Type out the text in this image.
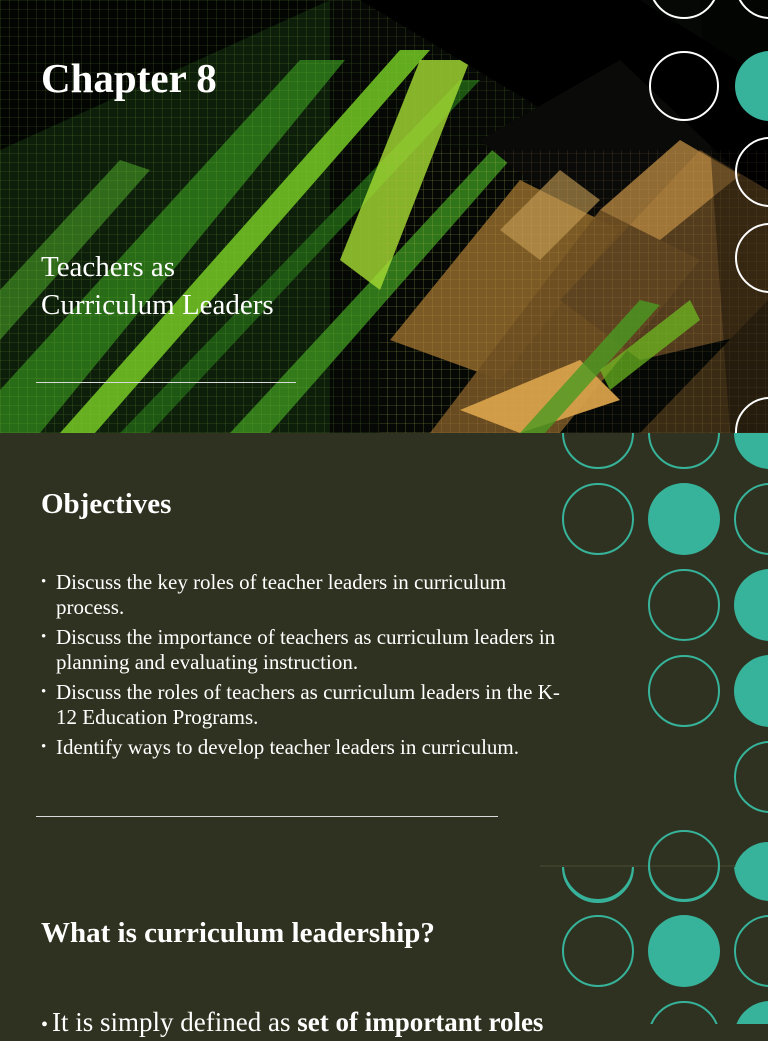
Chapter 8
Teachers as Curriculum Leaders
Objectives
• Discuss the key roles of teacher leaders in curriculum process.
• Discuss the importance of teachers as curriculum leaders in planning and evaluating instruction.
• Discuss the roles of teachers as curriculum leaders in the K-12 Education Programs.
• Identify ways to develop teacher leaders in curriculum.
What is curriculum leadership?
• It is simply defined as set of important roles
